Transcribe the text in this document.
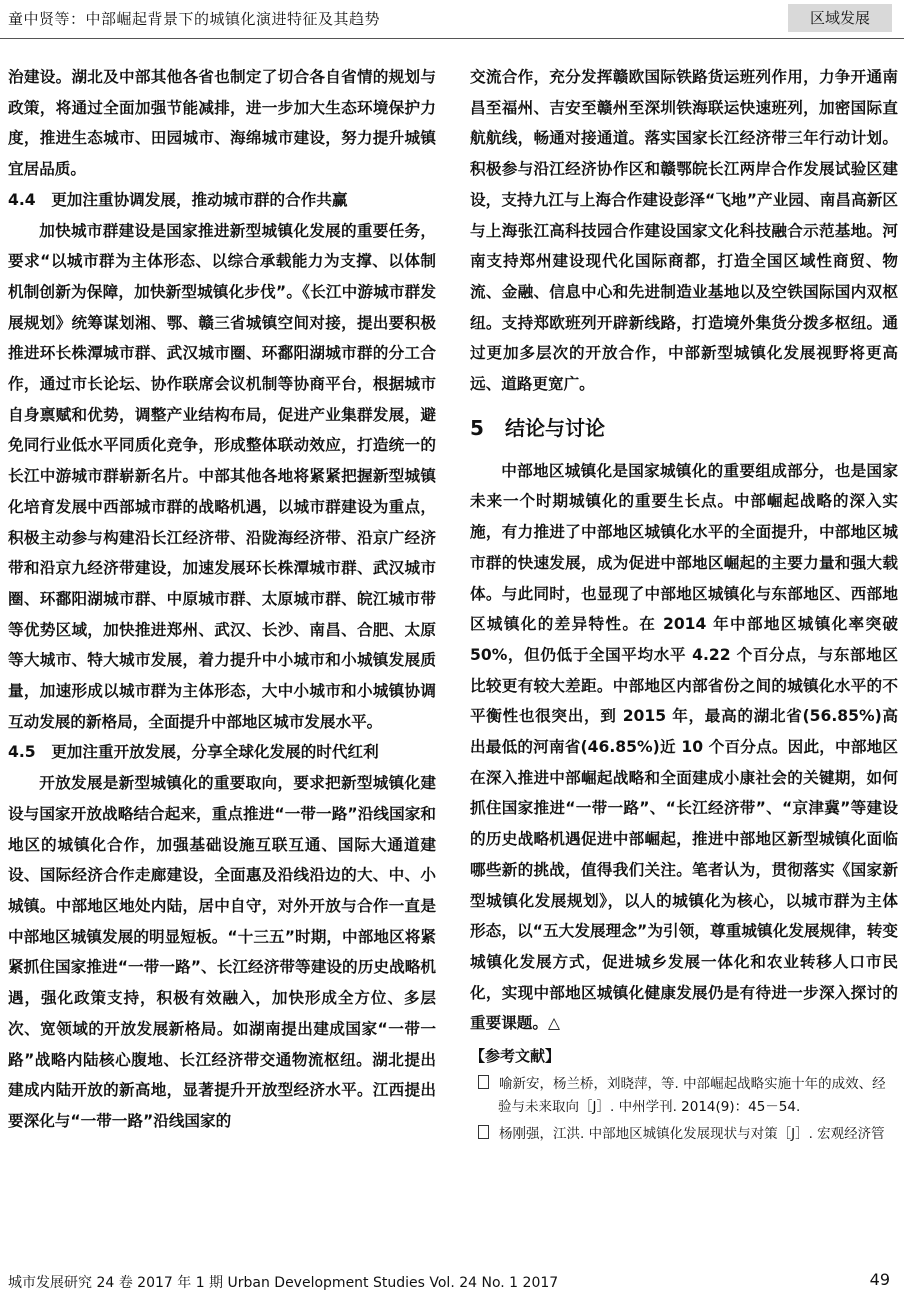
童中贤等：中部崛起背景下的城镇化演进特征及其趋势	区域发展

治建设。湖北及中部其他各省也制定了切合各自省情的规划与政策，将通过全面加强节能减排，进一步加大生态环境保护力度，推进生态城市、田园城市、海绵城市建设，努力提升城镇宜居品质。

4.4　更加注重协调发展，推动城市群的合作共赢

加快城市群建设是国家推进新型城镇化发展的重要任务，要求“以城市群为主体形态、以综合承载能力为支撑、以体制机制创新为保障，加快新型城镇化步伐”。《长江中游城市群发展规划》统筹谋划湘、鄂、赣三省城镇空间对接，提出要积极推进环长株潭城市群、武汉城市圈、环鄱阳湖城市群的分工合作，通过市长论坛、协作联席会议机制等协商平台，根据城市自身禀赋和优势，调整产业结构布局，促进产业集群发展，避免同行业低水平同质化竞争，形成整体联动效应，打造统一的长江中游城市群崭新名片。中部其他各地将紧紧把握新型城镇化培育发展中西部城市群的战略机遇，以城市群建设为重点，积极主动参与构建沿长江经济带、沿陇海经济带、沿京广经济带和沿京九经济带建设，加速发展环长株潭城市群、武汉城市圈、环鄱阳湖城市群、中原城市群、太原城市群、皖江城市带等优势区域，加快推进郑州、武汉、长沙、南昌、合肥、太原等大城市、特大城市发展，着力提升中小城市和小城镇发展质量，加速形成以城市群为主体形态，大中小城市和小城镇协调互动发展的新格局，全面提升中部地区城市发展水平。

4.5　更加注重开放发展，分享全球化发展的时代红利

开放发展是新型城镇化的重要取向，要求把新型城镇化建设与国家开放战略结合起来，重点推进“一带一路”沿线国家和地区的城镇化合作，加强基础设施互联互通、国际大通道建设、国际经济合作走廊建设，全面惠及沿线沿边的大、中、小城镇。中部地区地处内陆，居中自守，对外开放与合作一直是中部地区城镇发展的明显短板。“十三五”时期，中部地区将紧紧抓住国家推进“一带一路”、长江经济带等建设的历史战略机遇，强化政策支持，积极有效融入，加快形成全方位、多层次、宽领域的开放发展新格局。如湖南提出建成国家“一带一路”战略内陆核心腹地、长江经济带交通物流枢纽。湖北提出建成内陆开放的新高地，显著提升开放型经济水平。江西提出要深化与“一带一路”沿线国家的

交流合作，充分发挥赣欧国际铁路货运班列作用，力争开通南昌至福州、吉安至赣州至深圳铁海联运快速班列，加密国际直航航线，畅通对接通道。落实国家长江经济带三年行动计划。积极参与沿江经济协作区和赣鄂皖长江两岸合作发展试验区建设，支持九江与上海合作建设彭泽“飞地”产业园、南昌高新区与上海张江高科技园合作建设国家文化科技融合示范基地。河南支持郑州建设现代化国际商都，打造全国区域性商贸、物流、金融、信息中心和先进制造业基地以及空铁国际国内双枢纽。支持郑欧班列开辟新线路，打造境外集货分拨多枢纽。通过更加多层次的开放合作，中部新型城镇化发展视野将更高远、道路更宽广。

5 结论与讨论

中部地区城镇化是国家城镇化的重要组成部分，也是国家未来一个时期城镇化的重要生长点。中部崛起战略的深入实施，有力推进了中部地区城镇化水平的全面提升，中部地区城市群的快速发展，成为促进中部地区崛起的主要力量和强大载体。与此同时，也显现了中部地区城镇化与东部地区、西部地区城镇化的差异特性。在 2014 年中部地区城镇化率突破 50%，但仍低于全国平均水平 4.22 个百分点，与东部地区比较更有较大差距。中部地区内部省份之间的城镇化水平的不平衡性也很突出，到 2015 年，最高的湖北省(56.85%)高出最低的河南省(46.85%)近 10 个百分点。因此，中部地区在深入推进中部崛起战略和全面建成小康社会的关键期，如何抓住国家推进“一带一路”、“长江经济带”、“京津冀”等建设的历史战略机遇促进中部崛起，推进中部地区新型城镇化面临哪些新的挑战，值得我们关注。笔者认为，贯彻落实《国家新型城镇化发展规划》，以人的城镇化为核心，以城市群为主体形态，以“五大发展理念”为引领，尊重城镇化发展规律，转变城镇化发展方式，促进城乡发展一体化和农业转移人口市民化，实现中部地区城镇化健康发展仍是有待进一步深入探讨的重要课题。△

【参考文献】
喻新安，杨兰桥，刘晓萍，等. 中部崛起战略实施十年的成效、经验与未来取向［J］. 中州学刊. 2014(9)：45－54.
杨刚强，江洪. 中部地区城镇化发展现状与对策［J］. 宏观经济管
城市发展研究 24 卷 2017 年 1 期 Urban Development Studies Vol. 24 No. 1 2017	49
